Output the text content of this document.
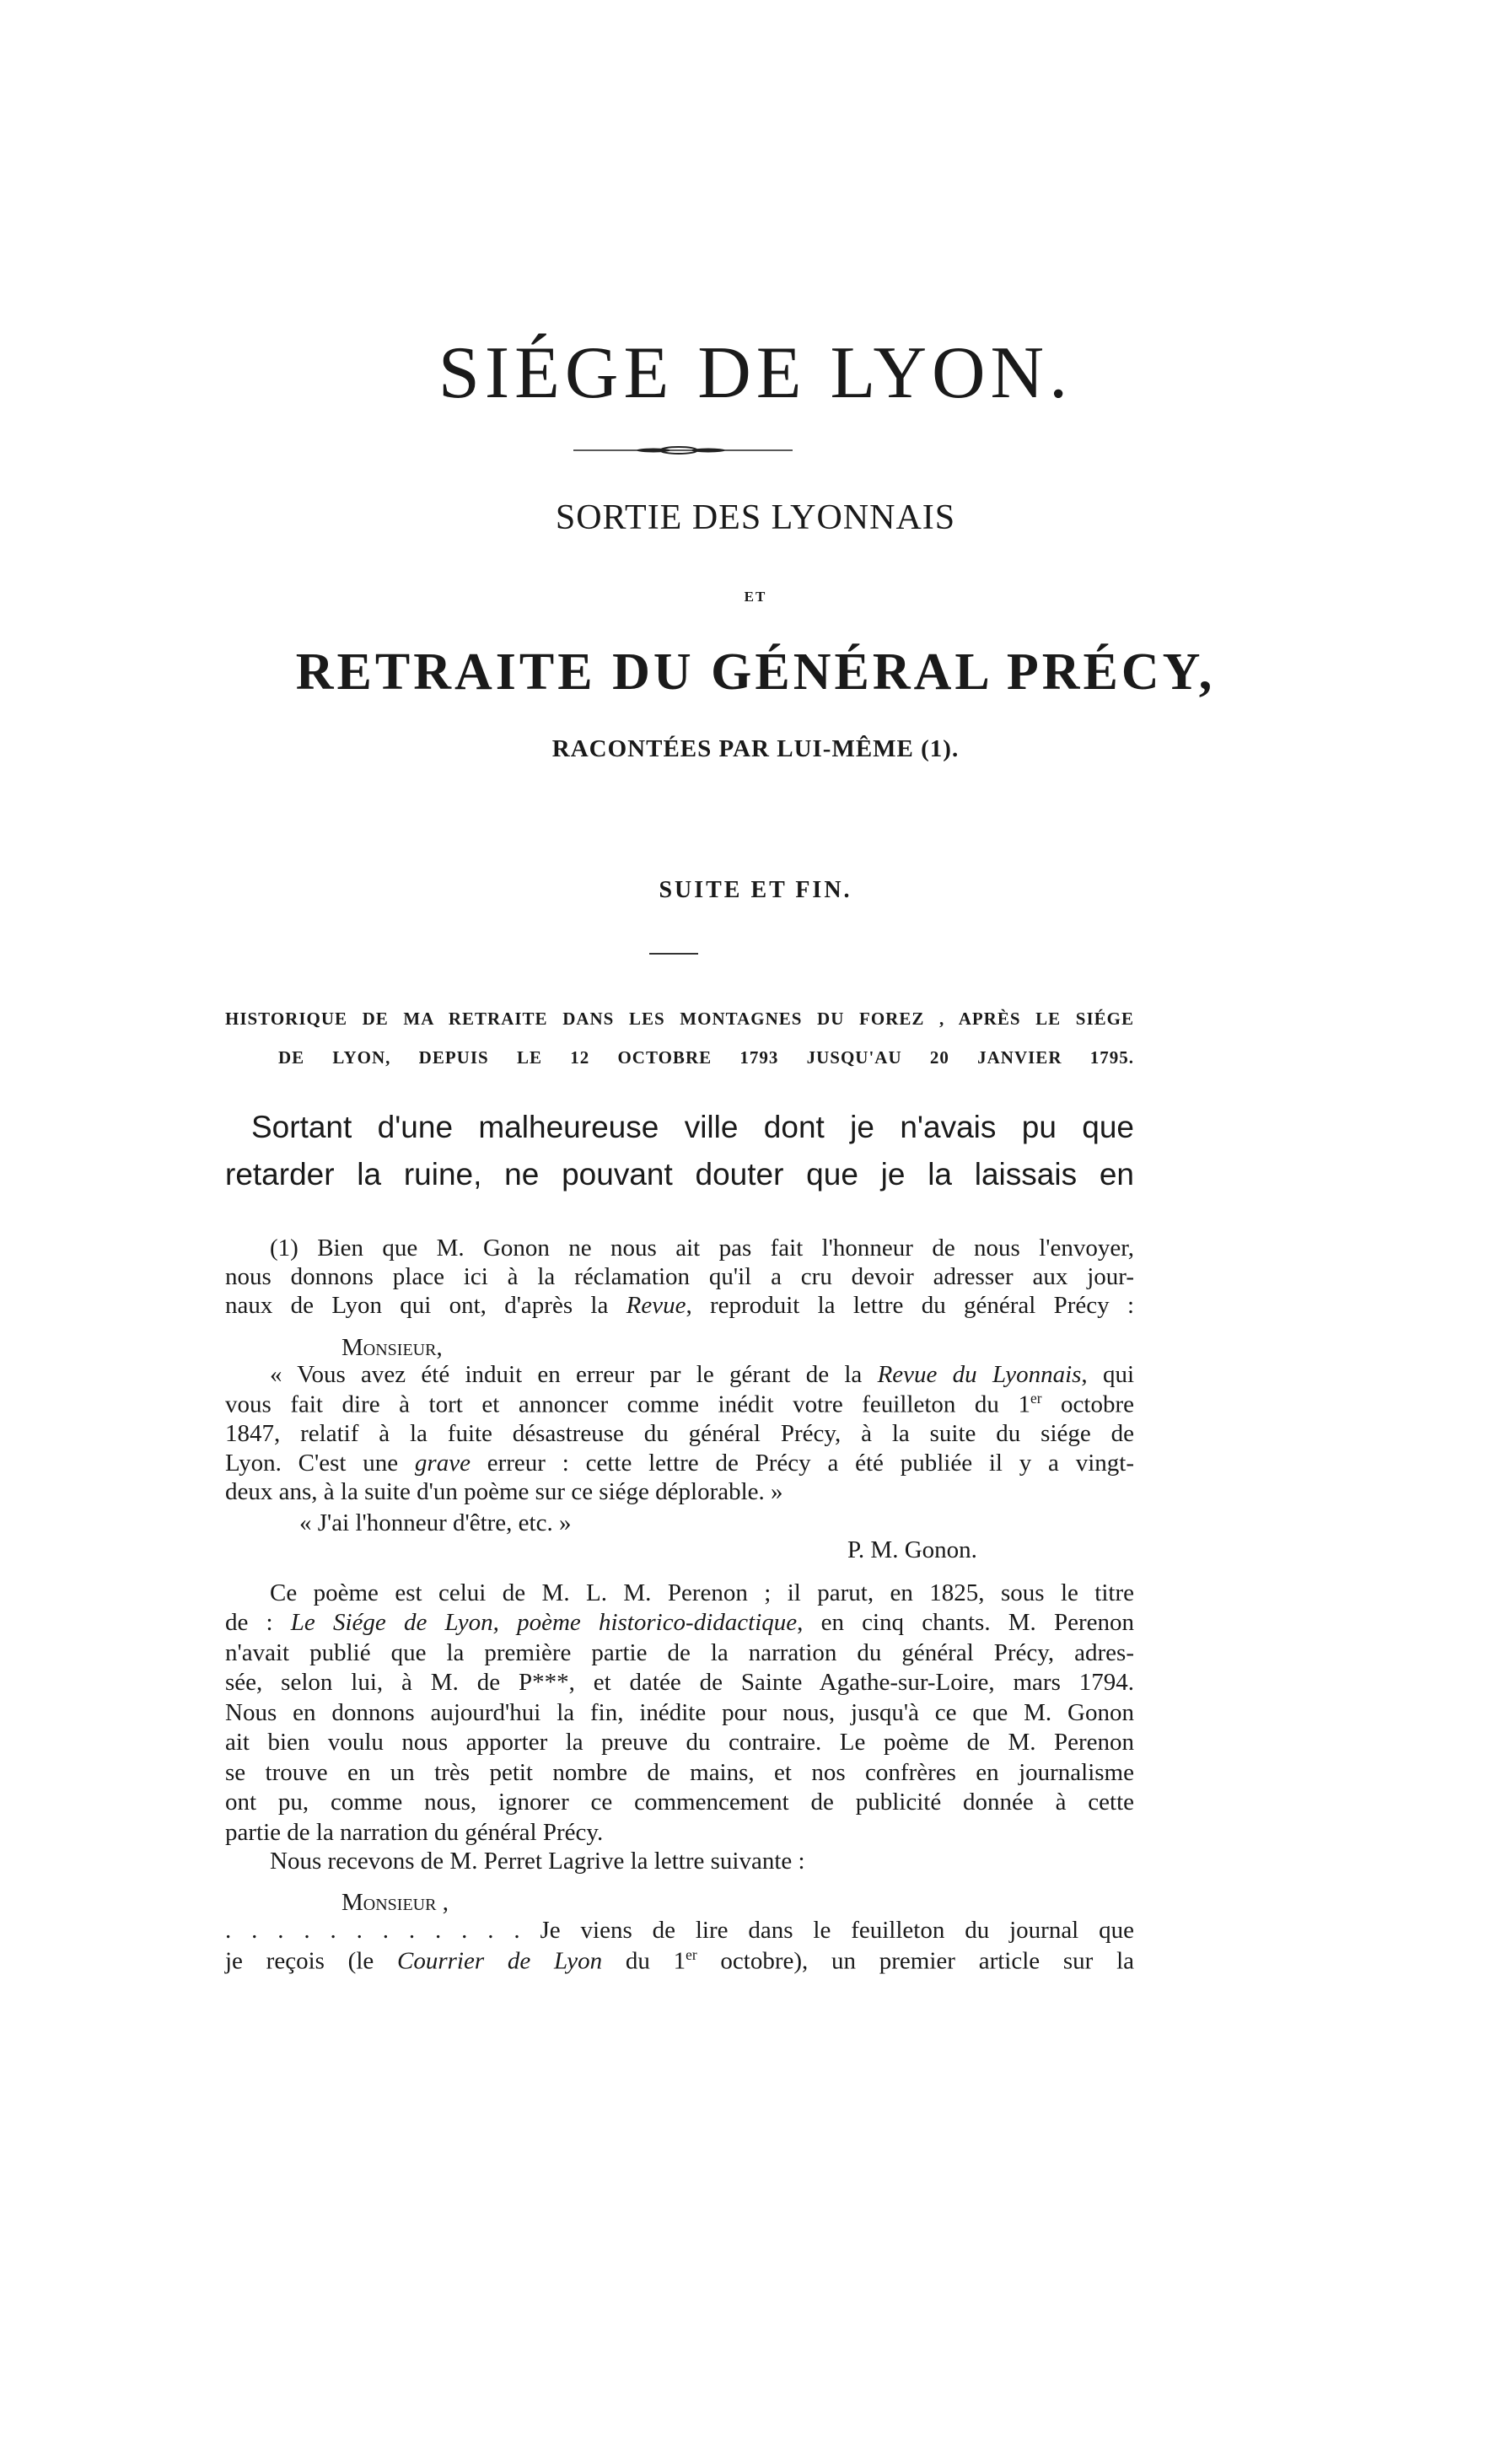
SIÉGE DE LYON.
SORTIE DES LYONNAIS
ET
RETRAITE DU GÉNÉRAL PRÉCY,
RACONTÉES PAR LUI-MÊME (1).
SUITE ET FIN.
HISTORIQUE DE MA RETRAITE DANS LES MONTAGNES DU FOREZ , APRÈS LE SIÉGE
DE LYON, DEPUIS LE 12 OCTOBRE 1793 JUSQU'AU 20 JANVIER 1795.
Sortant d'une malheureuse ville dont je n'avais pu que
retarder la ruine, ne pouvant douter que je la laissais en
(1) Bien que M. Gonon ne nous ait pas fait l'honneur de nous l'envoyer,
nous donnons place ici à la réclamation qu'il a cru devoir adresser aux jour-
naux de Lyon qui ont, d'après la Revue, reproduit la lettre du général Précy :
Monsieur,
« Vous avez été induit en erreur par le gérant de la Revue du Lyonnais, qui
vous fait dire à tort et annoncer comme inédit votre feuilleton du 1er octobre
1847, relatif à la fuite désastreuse du général Précy, à la suite du siége de
Lyon. C'est une grave erreur : cette lettre de Précy a été publiée il y a vingt-
deux ans, à la suite d'un poème sur ce siége déplorable. »
« J'ai l'honneur d'être, etc. »
P. M. Gonon.
Ce poème est celui de M. L. M. Perenon ; il parut, en 1825, sous le titre
de : Le Siége de Lyon, poème historico-didactique, en cinq chants. M. Perenon
n'avait publié que la première partie de la narration du général Précy, adres-
sée, selon lui, à M. de P***, et datée de Sainte Agathe-sur-Loire, mars 1794.
Nous en donnons aujourd'hui la fin, inédite pour nous, jusqu'à ce que M. Gonon
ait bien voulu nous apporter la preuve du contraire. Le poème de M. Perenon
se trouve en un très petit nombre de mains, et nos confrères en journalisme
ont pu, comme nous, ignorer ce commencement de publicité donnée à cette
partie de la narration du général Précy.
Nous recevons de M. Perret Lagrive la lettre suivante :
Monsieur ,
. . . . . . . . . . . . Je viens de lire dans le feuilleton du journal que
je reçois (le Courrier de Lyon du 1er octobre), un premier article sur la
